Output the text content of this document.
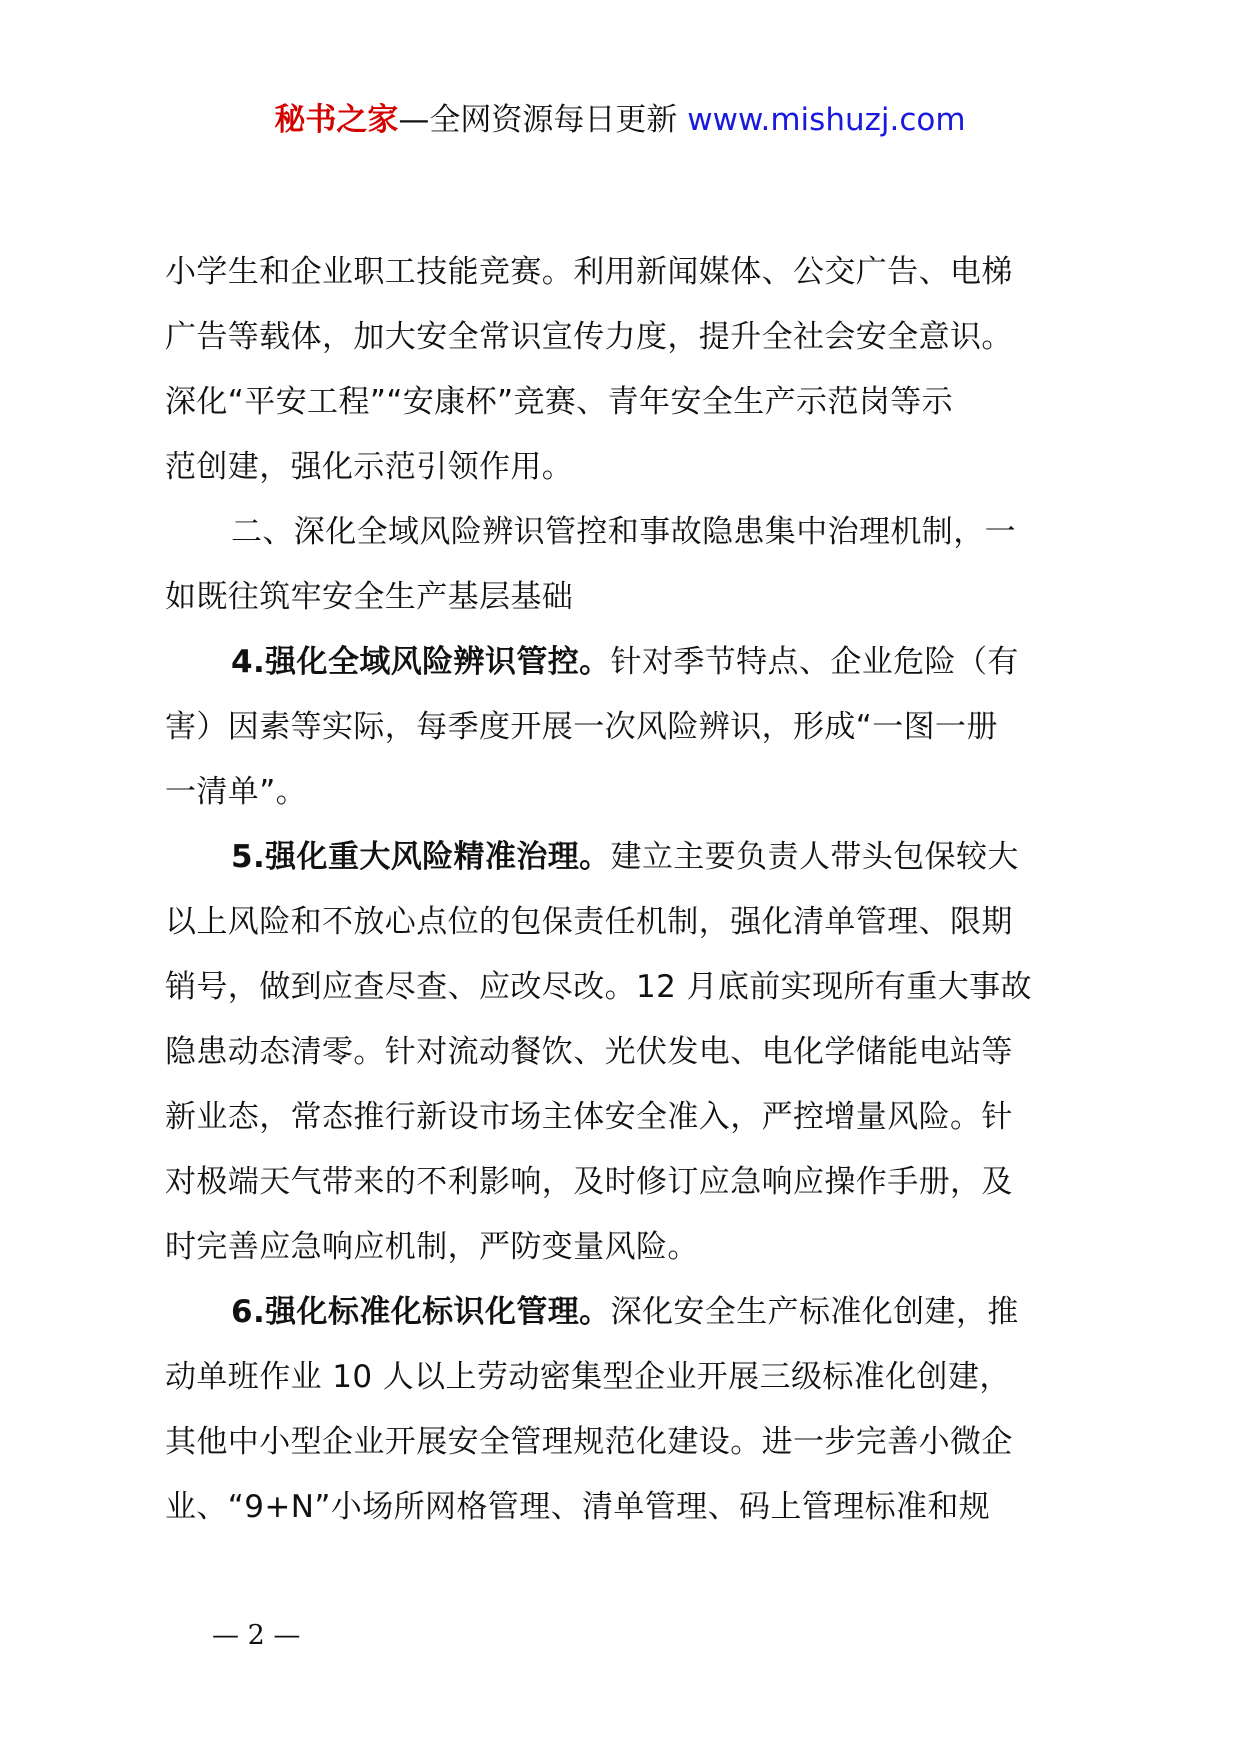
秘书之家—全网资源每日更新 www.mishuzj.com
小学生和企业职工技能竞赛。利用新闻媒体、公交广告、电梯
广告等载体，加大安全常识宣传力度，提升全社会安全意识。
深化“平安工程”“安康杯”竞赛、青年安全生产示范岗等示
范创建，强化示范引领作用。
二、深化全域风险辨识管控和事故隐患集中治理机制，一
如既往筑牢安全生产基层基础
4.强化全域风险辨识管控。针对季节特点、企业危险（有
害）因素等实际，每季度开展一次风险辨识，形成“一图一册
一清单”。
5.强化重大风险精准治理。建立主要负责人带头包保较大
以上风险和不放心点位的包保责任机制，强化清单管理、限期
销号，做到应查尽查、应改尽改。12 月底前实现所有重大事故
隐患动态清零。针对流动餐饮、光伏发电、电化学储能电站等
新业态，常态推行新设市场主体安全准入，严控增量风险。针
对极端天气带来的不利影响，及时修订应急响应操作手册，及
时完善应急响应机制，严防变量风险。
6.强化标准化标识化管理。深化安全生产标准化创建，推
动单班作业 10 人以上劳动密集型企业开展三级标准化创建，
其他中小型企业开展安全管理规范化建设。进一步完善小微企
业、“9+N”小场所网格管理、清单管理、码上管理标准和规
— 2 —
